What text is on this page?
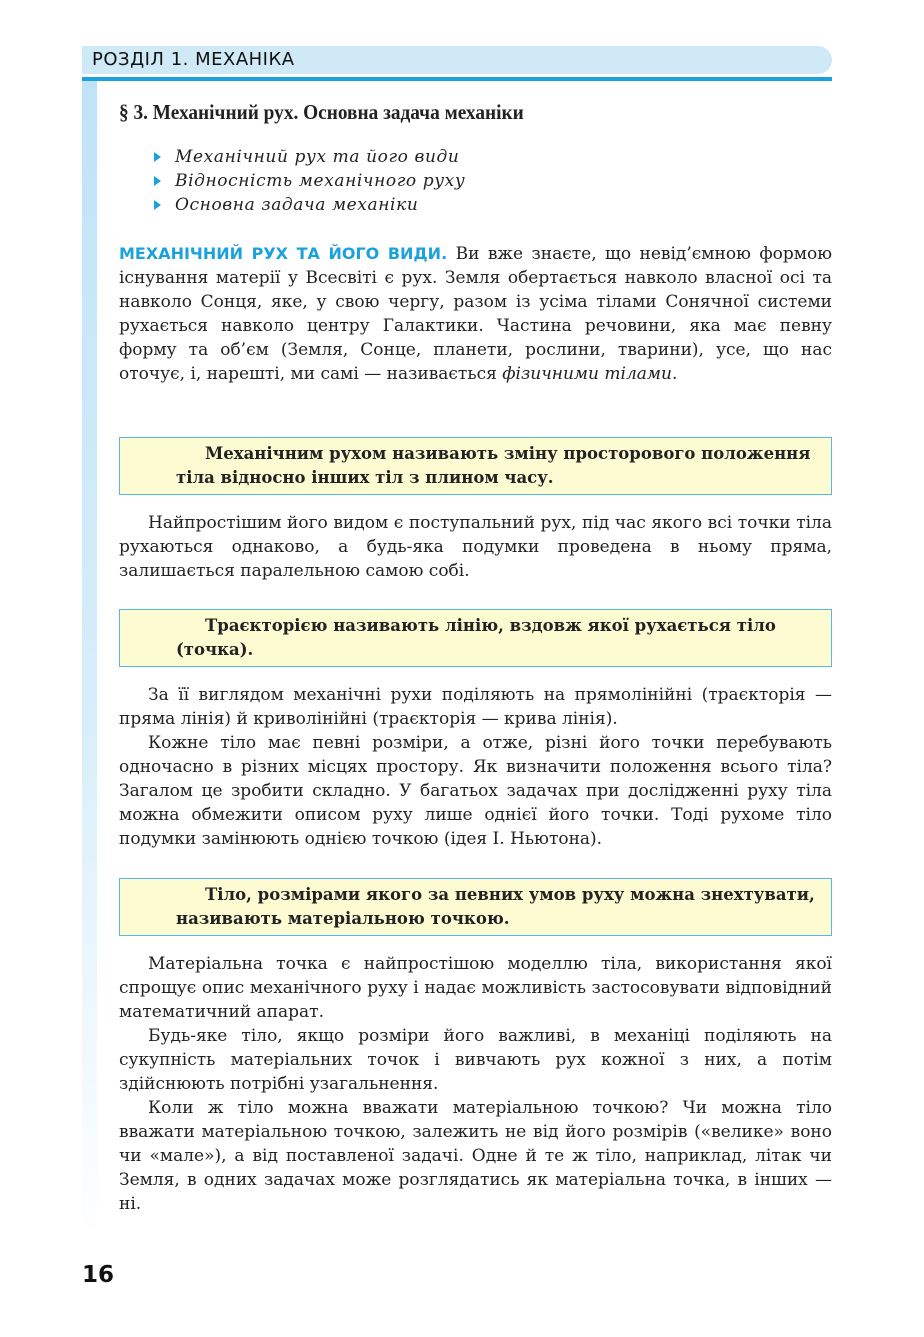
РОЗДІЛ 1. МЕХАНІКА
§ 3. Механічний рух. Основна задача механіки
Механічний рух та його види
Відносність механічного руху
Основна задача механіки

МЕХАНІЧНИЙ РУХ ТА ЙОГО ВИДИ. Ви вже знаєте, що невід’ємною формою існування матерії у Всесвіті є рух. Земля обертається навколо власної осі та навколо Сонця, яке, у свою чергу, разом із усіма тілами Сонячної системи рухається навколо центру Галактики. Частина речовини, яка має певну форму та об’єм (Земля, Сонце, планети, рослини, тварини), усе, що нас оточує, і, нарешті, ми самі — називається фізичними тілами.

Механічним рухом називають зміну просторового положення
тіла відносно інших тіл з плином часу.

Найпростішим його видом є поступальний рух, під час якого всі точки тіла рухаються однаково, а будь-яка подумки проведена в ньому пряма, залишається паралельною самою собі.

Траєкторією називають лінію, вздовж якої рухається тіло
(точка).

За її виглядом механічні рухи поділяють на прямолінійні (траєкторія — пряма лінія) й криволінійні (траєкторія — крива лінія).

Кожне тіло має певні розміри, а отже, різні його точки перебувають одночасно в різних місцях простору. Як визначити положення всього тіла? Загалом це зробити складно. У багатьох задачах при дослідженні руху тіла можна обмежити описом руху лише однієї його точки. Тоді рухоме тіло подумки замінюють однією точкою (ідея І. Ньютона).

Тіло, розмірами якого за певних умов руху можна знехтувати,
називають матеріальною точкою.

Матеріальна точка є найпростішою моделлю тіла, використання якої спрощує опис механічного руху і надає можливість застосовувати відповідний математичний апарат.

Будь-яке тіло, якщо розміри його важливі, в механіці поділяють на сукупність матеріальних точок і вивчають рух кожної з них, а потім здійснюють потрібні узагальнення.

Коли ж тіло можна вважати матеріальною точкою? Чи можна тіло вважати матеріальною точкою, залежить не від його розмірів («велике» воно чи «мале»), а від поставленої задачі. Одне й те ж тіло, наприклад, літак чи Земля, в одних задачах може розглядатись як матеріальна точка, в інших — ні.

16
